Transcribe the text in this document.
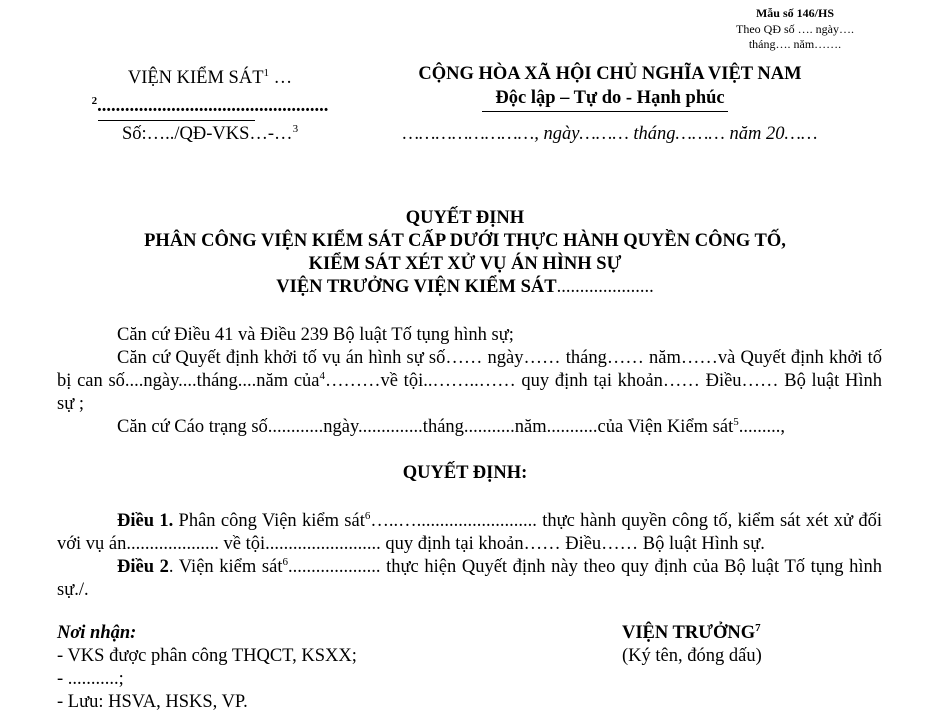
Mẫu số 146/HS
Theo QĐ số …. ngày….
tháng…. năm…….
VIỆN KIỂM SÁT$^1$ …
$^2$..................................................
Số:…../QĐ-VKS…-…$^3$
CỘNG HÒA XÃ HỘI CHỦ NGHĨA VIỆT NAM
Độc lập – Tự do - Hạnh phúc
……………………, ngày……… tháng……… năm 20……
QUYẾT ĐỊNH
PHÂN CÔNG VIỆN KIỂM SÁT CẤP DƯỚI THỰC HÀNH QUYỀN CÔNG TỐ,
KIỂM SÁT XÉT XỬ VỤ ÁN HÌNH SỰ
VIỆN TRƯỞNG VIỆN KIỂM SÁT.....................
Căn cứ Điều 41 và Điều 239 Bộ luật Tố tụng hình sự;
Căn cứ Quyết định khởi tố vụ án hình sự số…… ngày…… tháng…… năm……và Quyết định khởi tố bị can số....ngày....tháng....năm của$^4$………về tội..……..…… quy định tại khoản…… Điều…… Bộ luật Hình sự ;
Căn cứ Cáo trạng số............ngày..............tháng...........năm...........của Viện Kiểm sát$^5$.........,
QUYẾT ĐỊNH:
Điều 1. Phân công Viện kiểm sát$^6$…..….......................... thực hành quyền công tố, kiểm sát xét xử đối với vụ án.................... về tội......................... quy định tại khoản…… Điều…… Bộ luật Hình sự.
Điều 2. Viện kiểm sát$^6$.................... thực hiện Quyết định này theo quy định của Bộ luật Tố tụng hình sự./.
Nơi nhận:
- VKS được phân công THQCT, KSXX;
- ...........;
- Lưu: HSVA, HSKS, VP.
VIỆN TRƯỞNG$^7$
(Ký tên, đóng dấu)
